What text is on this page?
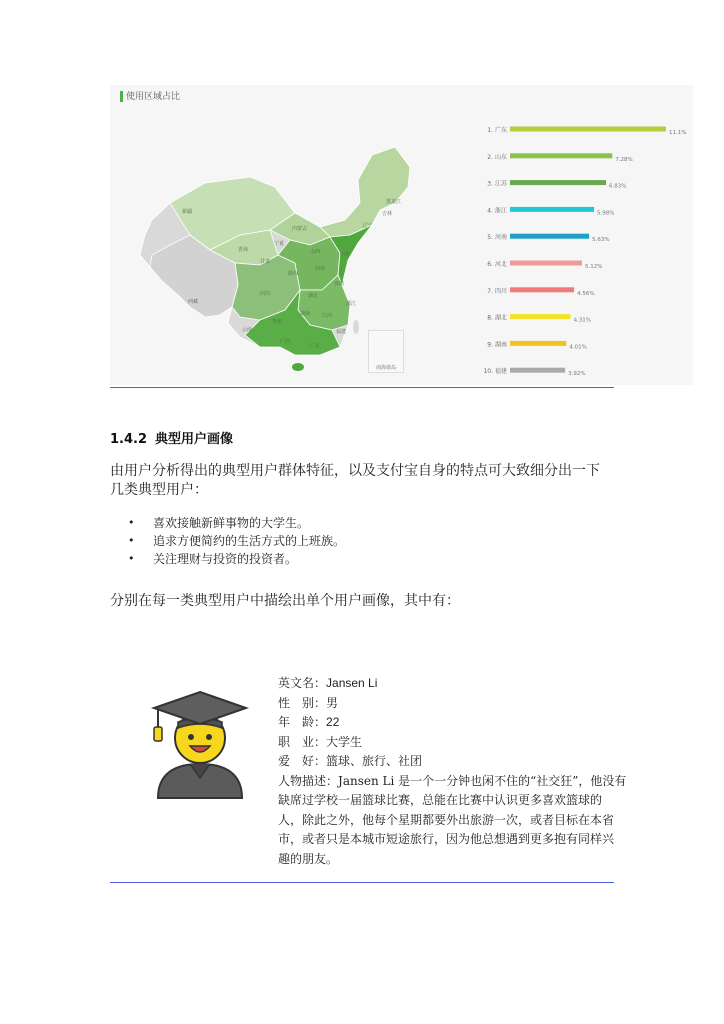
使用区域占比
新疆
西藏
青海
甘肃
内蒙古
黑龙江
吉林
辽宁
宁夏
陕西
四川
云南
贵州
广西
广东
湖南
湖北
河南
安徽
江西
福建
浙江
山东
山西
南海诸岛
1. 广东	11.1%
2. 山东	7.28%
3. 江苏	6.83%
4. 浙江	5.98%
5. 河南	5.63%
6. 河北	5.12%
7. 四川	4.56%
8. 湖北	4.31%
9. 湖南	4.01%
10. 福建	3.92%
1.4.2 典型用户画像
由用户分析得出的典型用户群体特征，以及支付宝自身的特点可大致细分出一下
几类典型用户：
• 喜欢接触新鲜事物的大学生。
• 追求方便简约的生活方式的上班族。
• 关注理财与投资的投资者。
分别在每一类典型用户中描绘出单个用户画像，其中有：
英文名：Jansen Li
性　别：男
年　龄：22
职　业：大学生
爱　好：篮球、旅行、社团
人物描述：Jansen Li 是一个一分钟也闲不住的“社交狂”，他没有
缺席过学校一届篮球比赛，总能在比赛中认识更多喜欢篮球的
人，除此之外，他每个星期都要外出旅游一次，或者目标在本省
市，或者只是本城市短途旅行，因为他总想遇到更多抱有同样兴
趣的朋友。
